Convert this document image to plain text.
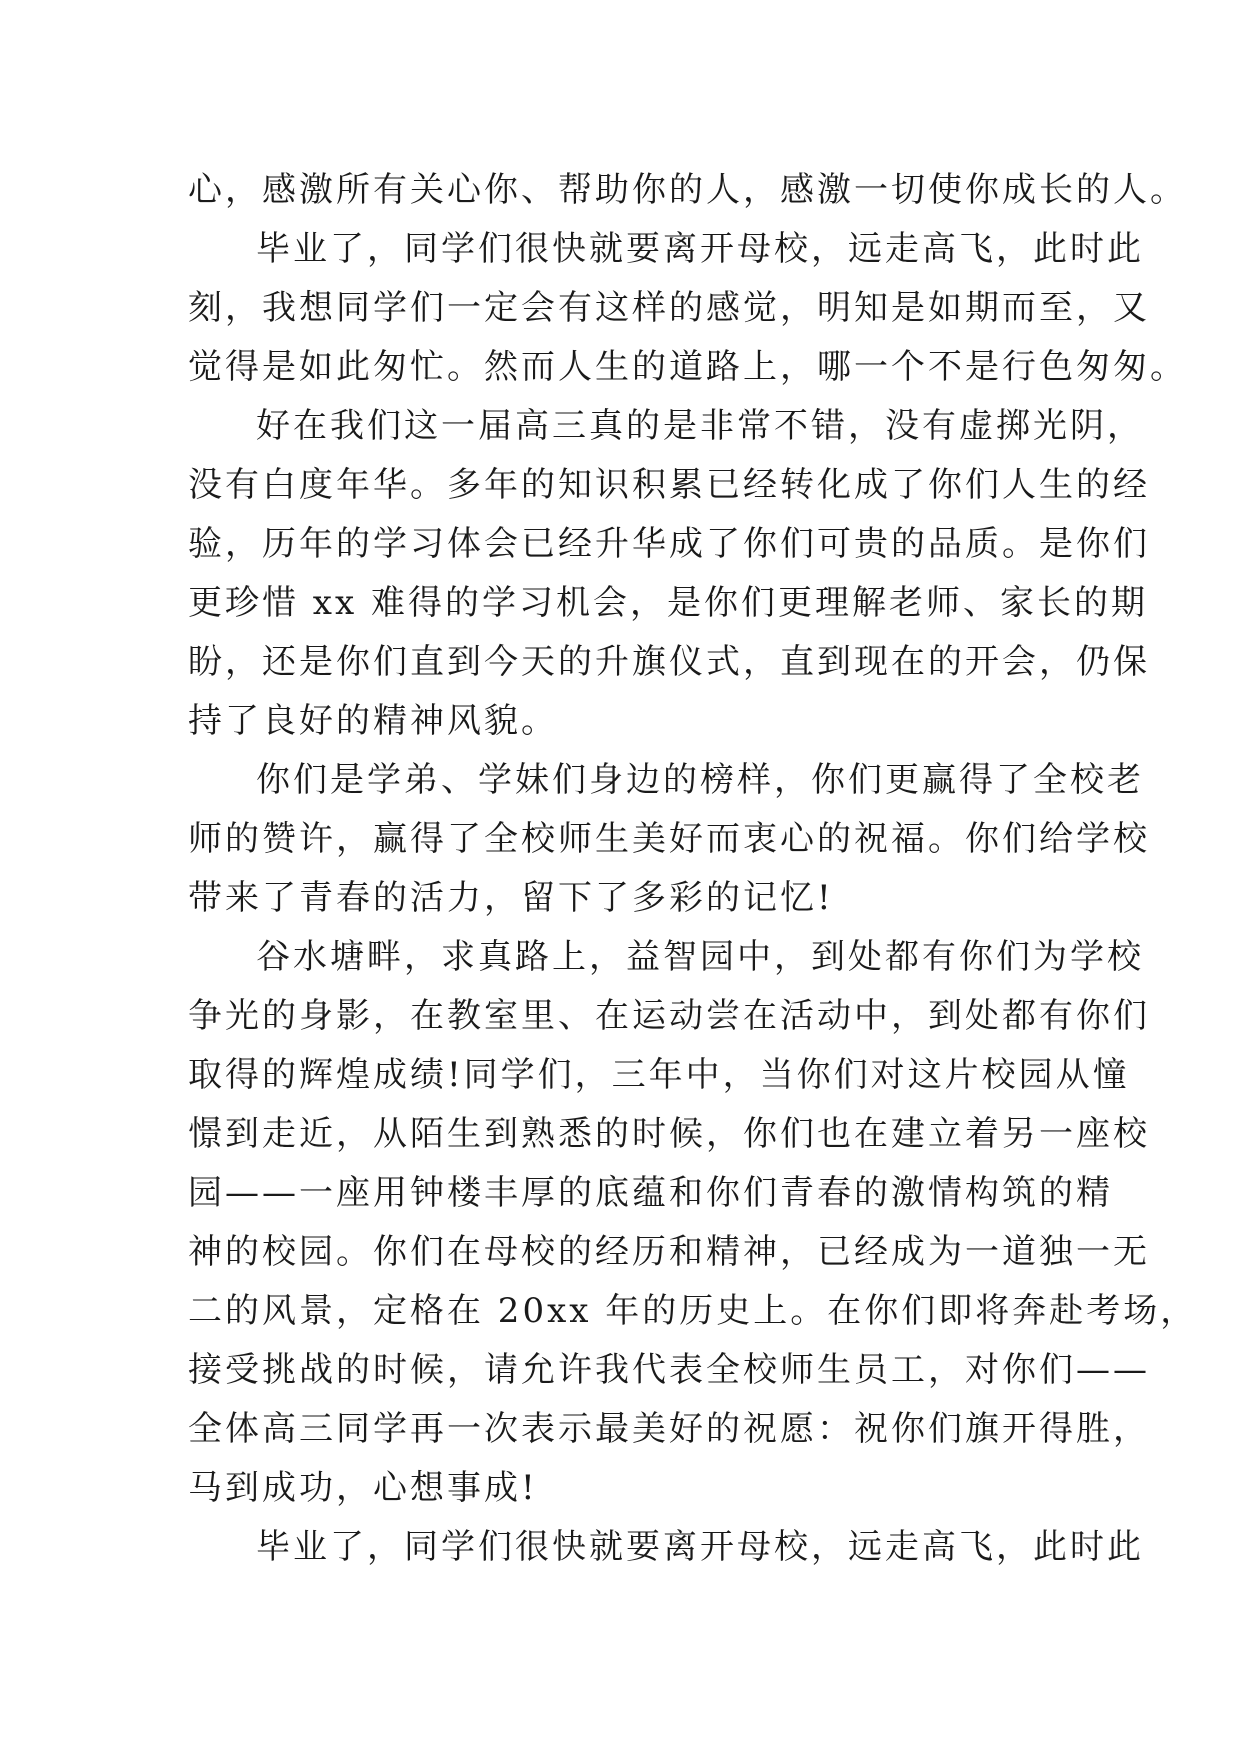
心，感激所有关心你、帮助你的人，感激一切使你成长的人。
毕业了，同学们很快就要离开母校，远走高飞，此时此
刻，我想同学们一定会有这样的感觉，明知是如期而至，又
觉得是如此匆忙。然而人生的道路上，哪一个不是行色匆匆。
好在我们这一届高三真的是非常不错，没有虚掷光阴，
没有白度年华。多年的知识积累已经转化成了你们人生的经
验，历年的学习体会已经升华成了你们可贵的品质。是你们
更珍惜 xx 难得的学习机会，是你们更理解老师、家长的期
盼，还是你们直到今天的升旗仪式，直到现在的开会，仍保
持了良好的精神风貌。
你们是学弟、学妹们身边的榜样，你们更赢得了全校老
师的赞许，赢得了全校师生美好而衷心的祝福。你们给学校
带来了青春的活力，留下了多彩的记忆!
谷水塘畔，求真路上，益智园中，到处都有你们为学校
争光的身影，在教室里、在运动尝在活动中，到处都有你们
取得的辉煌成绩!同学们，三年中，当你们对这片校园从憧
憬到走近，从陌生到熟悉的时候，你们也在建立着另一座校
园——一座用钟楼丰厚的底蕴和你们青春的激情构筑的精
神的校园。你们在母校的经历和精神，已经成为一道独一无
二的风景，定格在 20xx 年的历史上。在你们即将奔赴考场，
接受挑战的时候，请允许我代表全校师生员工，对你们——
全体高三同学再一次表示最美好的祝愿：祝你们旗开得胜，
马到成功，心想事成!
毕业了，同学们很快就要离开母校，远走高飞，此时此
